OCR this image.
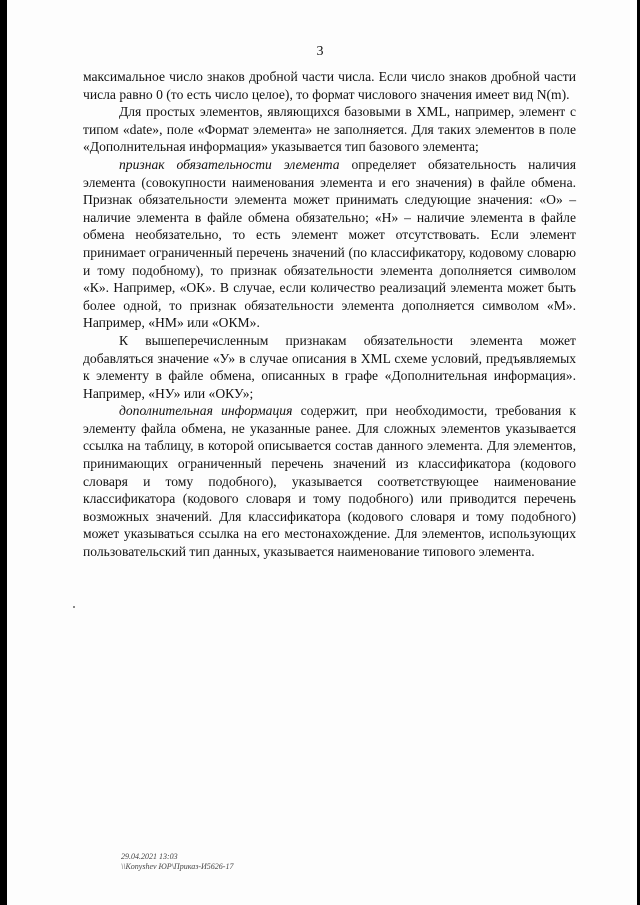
3

максимальное число знаков дробной части числа. Если число знаков дробной части числа равно 0 (то есть число целое), то формат числового значения имеет вид N(m).

Для простых элементов, являющихся базовыми в XML, например, элемент с типом «date», поле «Формат элемента» не заполняется. Для таких элементов в поле «Дополнительная информация» указывается тип базового элемента;

признак обязательности элемента определяет обязательность наличия элемента (совокупности наименования элемента и его значения) в файле обмена. Признак обязательности элемента может принимать следующие значения: «О» – наличие элемента в файле обмена обязательно; «Н» – наличие элемента в файле обмена необязательно, то есть элемент может отсутствовать. Если элемент принимает ограниченный перечень значений (по классификатору, кодовому словарю и тому подобному), то признак обязательности элемента дополняется символом «К». Например, «ОК». В случае, если количество реализаций элемента может быть более одной, то признак обязательности элемента дополняется символом «М». Например, «НМ» или «ОКМ».

К вышеперечисленным признакам обязательности элемента может добавляться значение «У» в случае описания в XML схеме условий, предъявляемых к элементу в файле обмена, описанных в графе «Дополнительная информация». Например, «НУ» или «ОКУ»;

дополнительная информация содержит, при необходимости, требования к элементу файла обмена, не указанные ранее. Для сложных элементов указывается ссылка на таблицу, в которой описывается состав данного элемента. Для элементов, принимающих ограниченный перечень значений из классификатора (кодового словаря и тому подобного), указывается соответствующее наименование классификатора (кодового словаря и тому подобного) или приводится перечень возможных значений. Для классификатора (кодового словаря и тому подобного) может указываться ссылка на его местонахождение. Для элементов, использующих пользовательский тип данных, указывается наименование типового элемента.

29.04.2021 13:03
\\Konyshev ЮР\Приказ-И5626-17
